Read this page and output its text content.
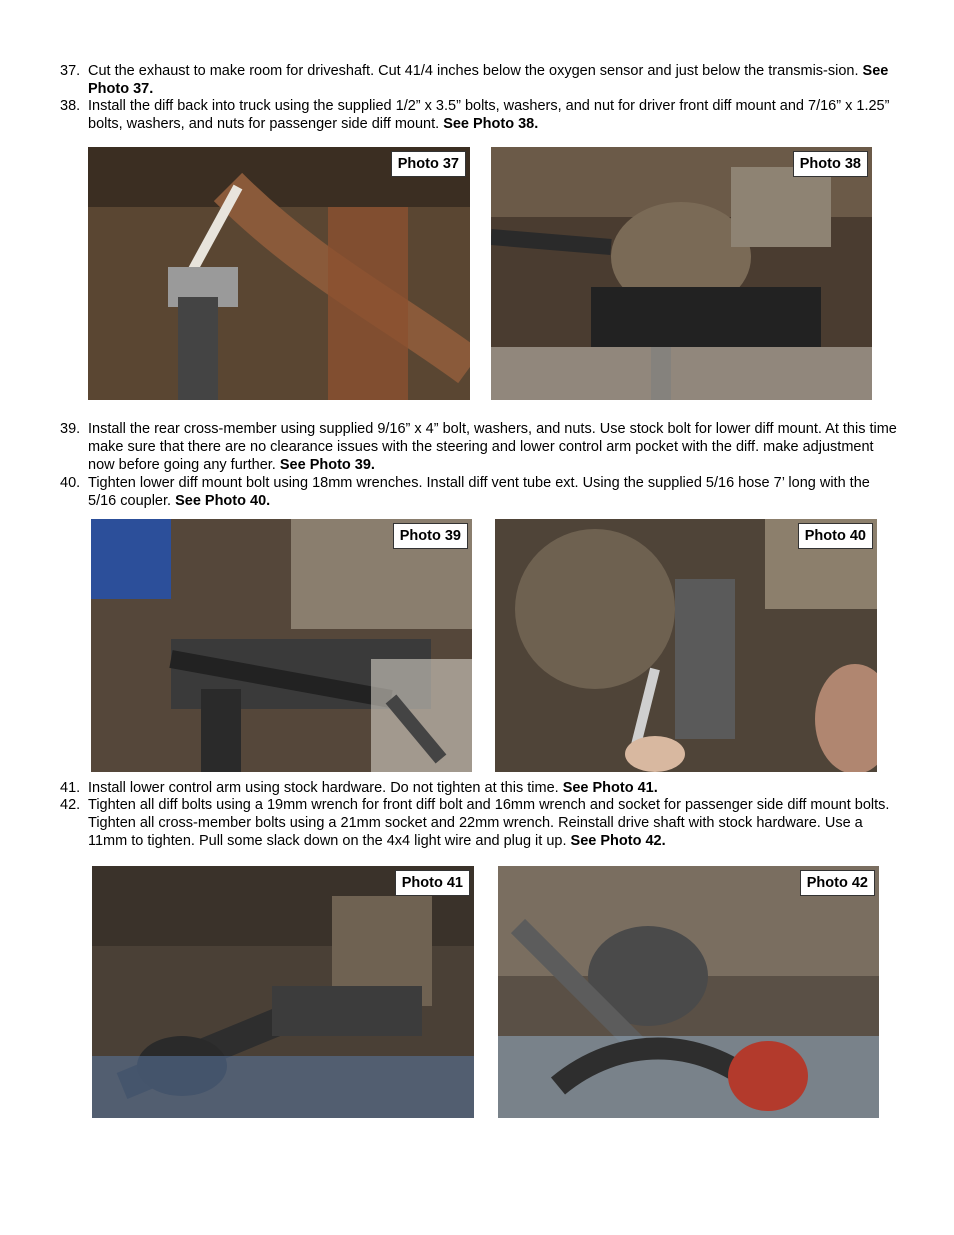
37. Cut the exhaust to make room for driveshaft. Cut 41/4 inches below the oxygen sensor and just below the transmis-sion. See Photo 37.
38. Install the diff back into truck using the supplied 1/2” x 3.5” bolts, washers, and nut for driver front diff mount and 7/16” x 1.25” bolts, washers, and nuts for passenger side diff mount. See Photo 38.
Photo 37	Photo 38
39. Install the rear cross-member using supplied 9/16” x 4” bolt, washers, and nuts. Use stock bolt for lower diff mount. At this time make sure that there are no clearance issues with the steering and lower control arm pocket with the diff. make adjustment now before going any further. See Photo 39.
40. Tighten lower diff mount bolt using 18mm wrenches. Install diff vent tube ext. Using the supplied 5/16 hose 7’ long with the 5/16 coupler. See Photo 40.
Photo 39	Photo 40
41. Install lower control arm using stock hardware. Do not tighten at this time. See Photo 41.
42. Tighten all diff bolts using a 19mm wrench for front diff bolt and 16mm wrench and socket for passenger side diff mount bolts. Tighten all cross-member bolts using a 21mm socket and 22mm wrench. Reinstall drive shaft with stock hardware. Use a 11mm to tighten. Pull some slack down on the 4x4 light wire and plug it up. See Photo 42.
Photo 41	Photo 42
